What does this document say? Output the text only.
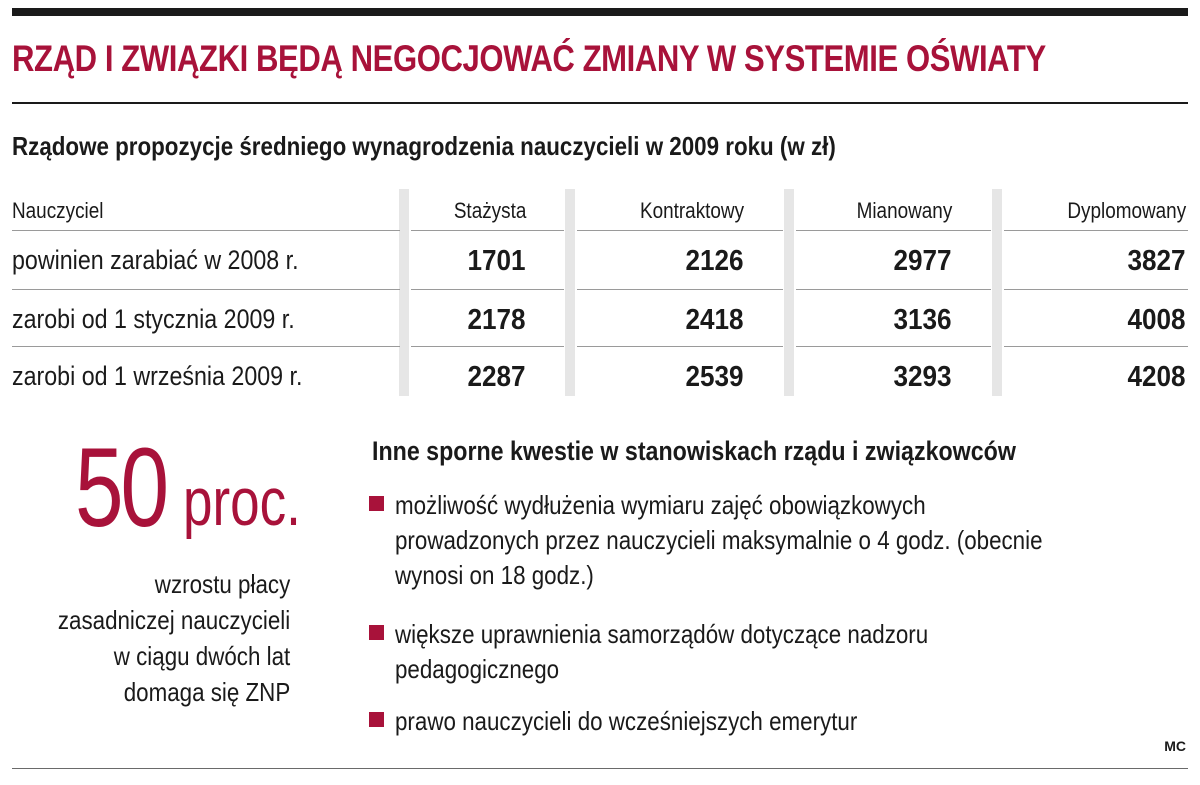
RZĄD I ZWIĄZKI BĘDĄ NEGOCJOWAĆ ZMIANY W SYSTEMIE OŚWIATY
Rządowe propozycje średniego wynagrodzenia nauczycieli w 2009 roku (w zł)
Nauczyciel	Stażysta	Kontraktowy	Mianowany	Dyplomowany
powinien zarabiać w 2008 r.	1701	2126	2977	3827
zarobi od 1 stycznia 2009 r.	2178	2418	3136	4008
zarobi od 1 września 2009 r.	2287	2539	3293	4208
50 proc.
wzrostu płacy
zasadniczej nauczycieli
w ciągu dwóch lat
domaga się ZNP
Inne sporne kwestie w stanowiskach rządu i związkowców
możliwość wydłużenia wymiaru zajęć obowiązkowych
prowadzonych przez nauczycieli maksymalnie o 4 godz. (obecnie
wynosi on 18 godz.)
większe uprawnienia samorządów dotyczące nadzoru
pedagogicznego
prawo nauczycieli do wcześniejszych emerytur
MC
